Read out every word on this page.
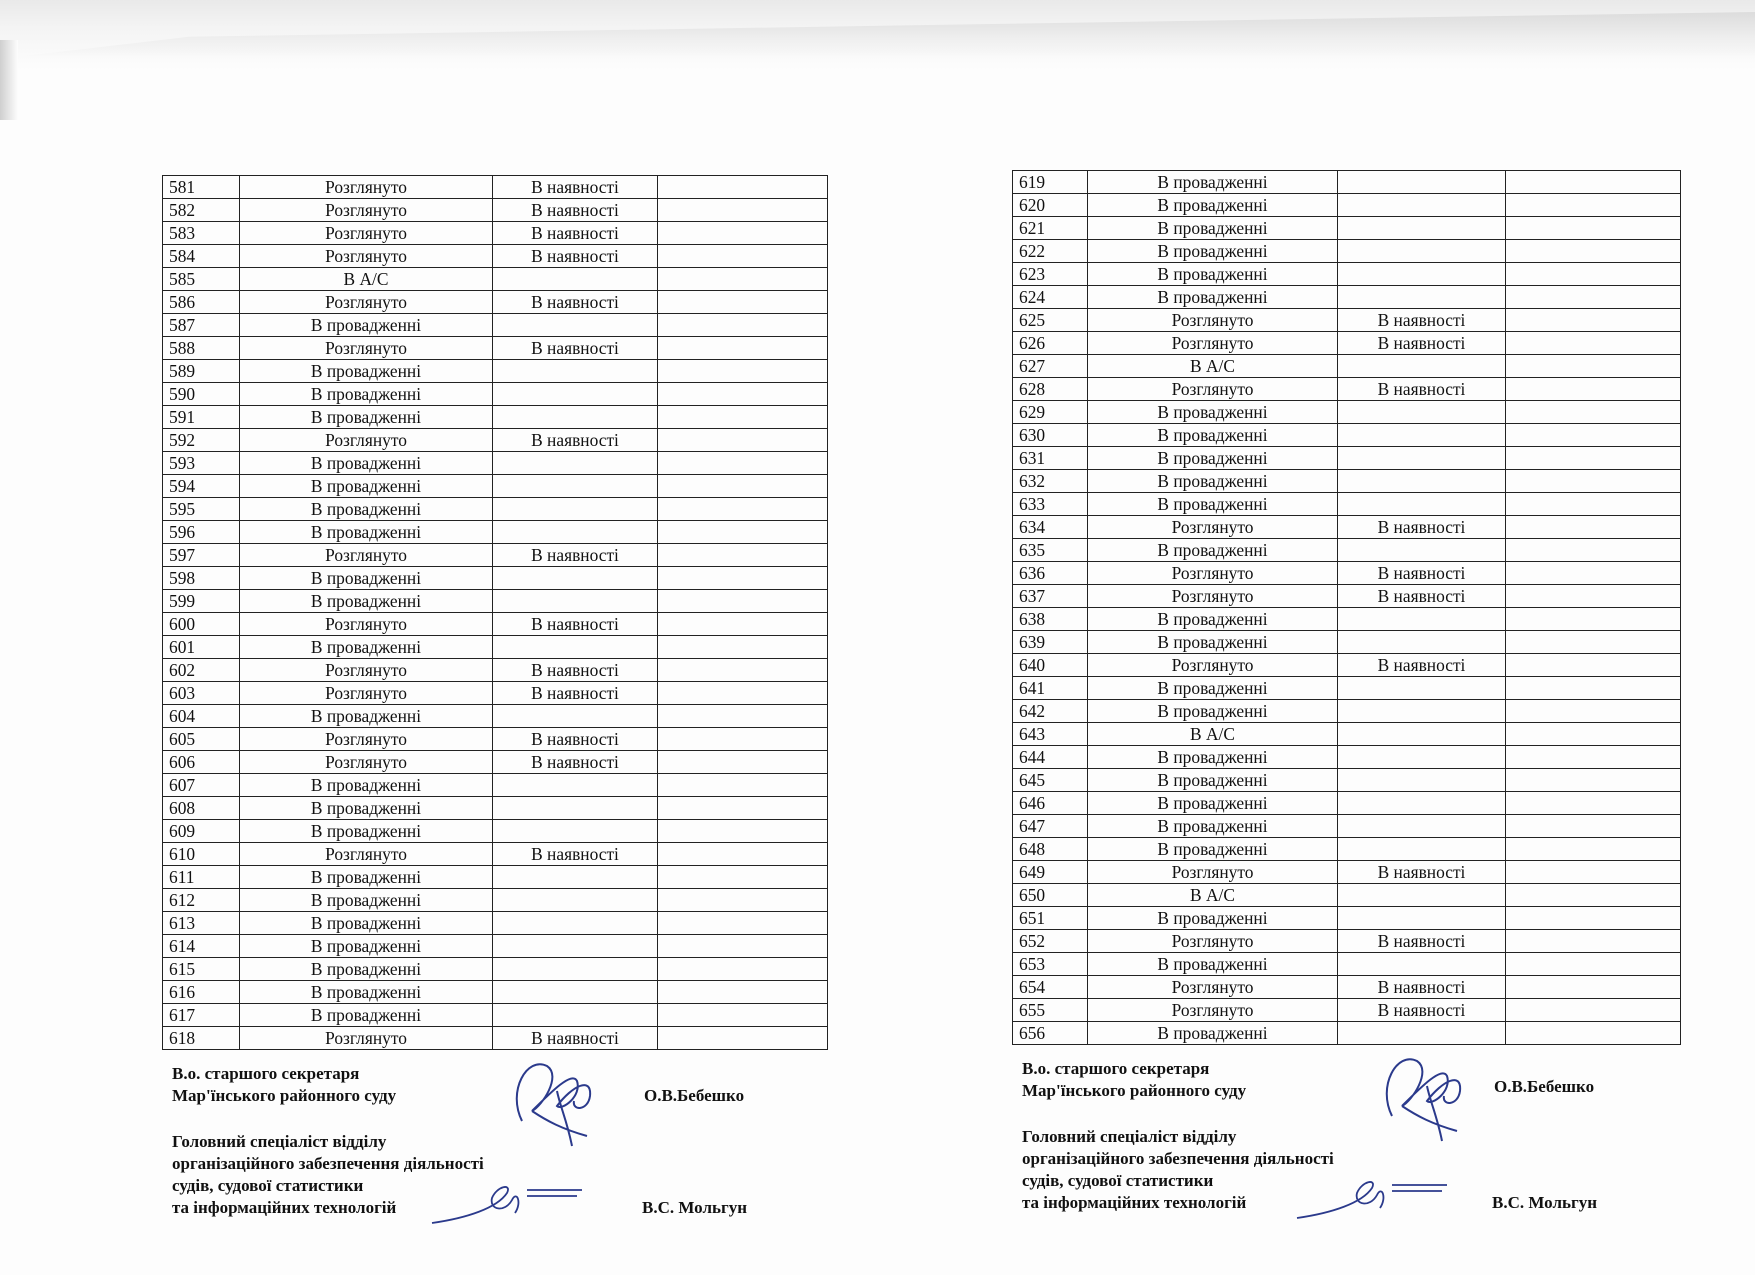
581	Розглянуто	В наявності	
582	Розглянуто	В наявності	
583	Розглянуто	В наявності	
584	Розглянуто	В наявності	
585	В А/С		
586	Розглянуто	В наявності	
587	В провадженні		
588	Розглянуто	В наявності	
589	В провадженні		
590	В провадженні		
591	В провадженні		
592	Розглянуто	В наявності	
593	В провадженні		
594	В провадженні		
595	В провадженні		
596	В провадженні		
597	Розглянуто	В наявності	
598	В провадженні		
599	В провадженні		
600	Розглянуто	В наявності	
601	В провадженні		
602	Розглянуто	В наявності	
603	Розглянуто	В наявності	
604	В провадженні		
605	Розглянуто	В наявності	
606	Розглянуто	В наявності	
607	В провадженні		
608	В провадженні		
609	В провадженні		
610	Розглянуто	В наявності	
611	В провадженні		
612	В провадженні		
613	В провадженні		
614	В провадженні		
615	В провадженні		
616	В провадженні		
617	В провадженні		
618	Розглянуто	В наявності	
619	В провадженні		
620	В провадженні		
621	В провадженні		
622	В провадженні		
623	В провадженні		
624	В провадженні		
625	Розглянуто	В наявності	
626	Розглянуто	В наявності	
627	В А/С		
628	Розглянуто	В наявності	
629	В провадженні		
630	В провадженні		
631	В провадженні		
632	В провадженні		
633	В провадженні		
634	Розглянуто	В наявності	
635	В провадженні		
636	Розглянуто	В наявності	
637	Розглянуто	В наявності	
638	В провадженні		
639	В провадженні		
640	Розглянуто	В наявності	
641	В провадженні		
642	В провадженні		
643	В А/С		
644	В провадженні		
645	В провадженні		
646	В провадженні		
647	В провадженні		
648	В провадженні		
649	Розглянуто	В наявності	
650	В А/С		
651	В провадженні		
652	Розглянуто	В наявності	
653	В провадженні		
654	Розглянуто	В наявності	
655	Розглянуто	В наявності	
656	В провадженні		
В.о. старшого секретаря
Мар'їнського районного суду	О.В.Бебешко
Головний спеціаліст відділу
організаційного забезпечення діяльності
судів, судової статистики
та інформаційних технологій	В.С. Мольгун
В.о. старшого секретаря
Мар'їнського районного суду	О.В.Бебешко
Головний спеціаліст відділу
організаційного забезпечення діяльності
судів, судової статистики
та інформаційних технологій	В.С. Мольгун
